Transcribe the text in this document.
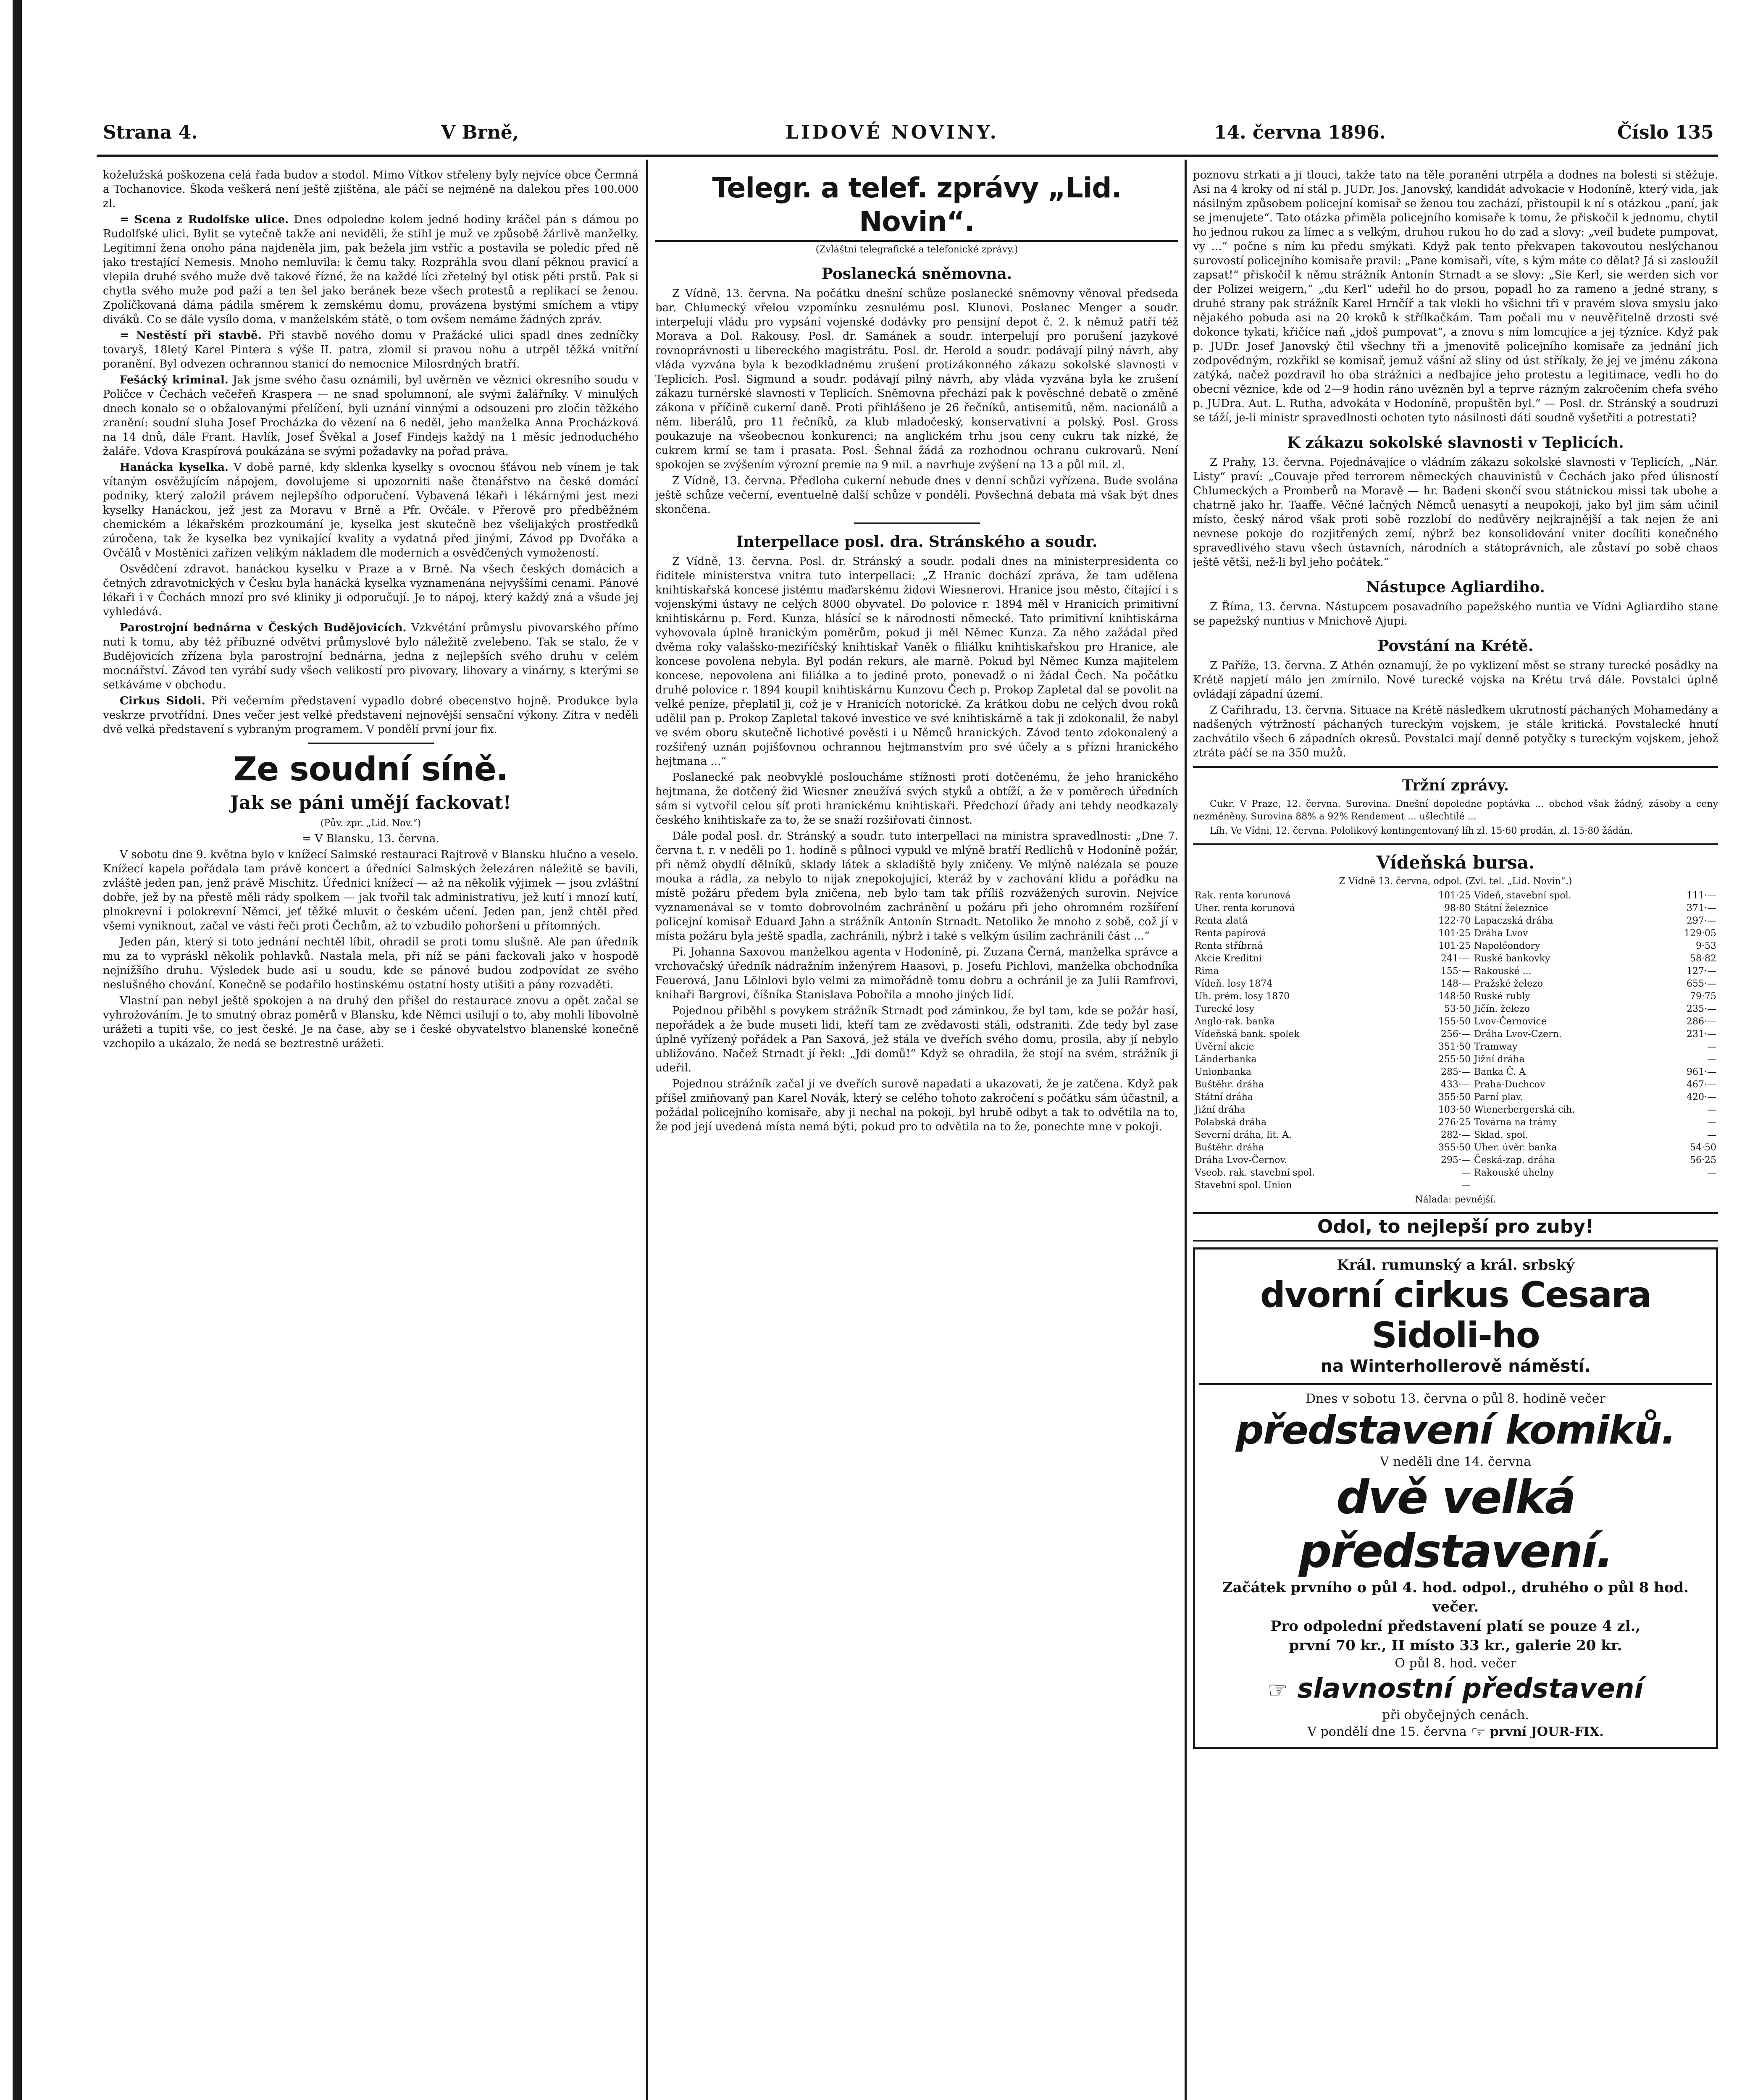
Strana 4.	V Brně,	LIDOVÉ NOVINY.	14. června 1896.	Číslo 135

koželužská poškozena celá řada budov a stodol. Mimo Vítkov střeleny byly nejvíce obce Čermná a Tochanovice. Škoda veškerá není ještě zjištěna, ale páčí se nejméně na dalekou přes 100.000 zl.

= Scena z Rudolfske ulice. Dnes odpoledne kolem jedné hodiny kráčel pán s dámou po Rudolfské ulici. Bylit se vytečně takže ani neviděli, že stihl je muž ve způsobě žárlivě manželky. Legitimní žena onoho pána najdeněla jim, pak bežela jim vstříc a postavila se poledíc před ně jako trestající Nemesis. Mnoho nemluvila: k čemu taky. Rozpráhla svou dlaní pěknou pravicí a vlepila druhé svého muže dvě takové řízné, že na každé líci zřetelný byl otisk pěti prstů. Pak si chytla svého muže pod paží a ten šel jako beránek beze všech protestů a replikací se ženou. Zpolíčkovaná dáma pádila směrem k zemskému domu, provázena bystými smíchem a vtipy diváků. Co se dále vysílo doma, v manželském státě, o tom ovšem nemáme žádných zpráv.

= Nestěstí při stavbě. Při stavbě nového domu v Pražácké ulici spadl dnes zedníčky tovaryš, 18letý Karel Pintera s výše II. patra, zlomil si pravou nohu a utrpěl těžká vnitřní poranění. Byl odvezen ochrannou stanicí do nemocnice Milosrdných bratří.

Fešácký kriminal. Jak jsme svého času oznámili, byl uvěrněn ve věznici okresního soudu v Poličce v Čechách večeřeň Kraspera — ne snad spolumnoní, ale svými žalářníky. V minulých dnech konalo se o obžalovanými přelíčení, byli uznání vinnými a odsouzeni pro zločin těžkého zranění: soudní sluha Josef Procházka do vězení na 6 neděl, jeho manželka Anna Procházková na 14 dnů, dále Frant. Havlík, Josef Švěkal a Josef Findejs každý na 1 měsíc jednoduchého žaláře. Vdova Kraspírová poukázána se svými požadavky na pořad práva.

Hanácka kyselka. V době parné, kdy sklenka kyselky s ovocnou šťávou neb vínem je tak vítaným osvěžujícím nápojem, dovolujeme si upozorniti naše čtenářstvo na české domácí podniky, který založil právem nejlepšího odporučení. Vybavená lékaři i lékárnými jest mezi kyselky Hanáckou, jež jest za Moravu v Brně a Pfr. Ovčále. v Přerově pro předběžném chemickém a lékařském prozkoumání je, kyselka jest skutečně bez všelijakých prostředků zúročena, tak že kyselka bez vynikající kvality a vydatná před jinými, Závod pp Dvořáka a Ovčálů v Mostěnici zařízen velikým nákladem dle moderních a osvědčených vymožeností.

Osvědčení zdravot. hanáckou kyselku v Praze a v Brně. Na všech českých domácích a četných zdravotnických v Česku byla hanácká kyselka vyznamenána nejvyššími cenami. Pánové lékaři i v Čechách mnozí pro své kliniky ji odporučují. Je to nápoj, který každý zná a všude jej vyhledává.

Parostrojní bednárna v Českých Budějovicích. Vzkvétání průmyslu pivovarského přímo nutí k tomu, aby též příbuzné odvětví průmyslové bylo náležitě zvelebeno. Tak se stalo, že v Budějovicích zřízena byla parostrojní bednárna, jedna z nejlepších svého druhu v celém mocnářství. Závod ten vyrábí sudy všech velikostí pro pivovary, lihovary a vinárny, s kterými se setkáváme v obchodu.

Cirkus Sidoli. Při večerním představení vypadlo dobré obecenstvo hojně. Produkce byla veskrze prvotřídní. Dnes večer jest velké představení nejnovější sensační výkony. Zítra v neděli dvě velká představení s vybraným programem. V pondělí první jour fix.

Ze soudní síně.
Jak se páni umějí fackovat!

(Pův. zpr. „Lid. Nov.“)

= V Blansku, 13. června.

V sobotu dne 9. května bylo v knížecí Salmské restauraci Rajtrově v Blansku hlučno a veselo. Knížecí kapela pořádala tam právě koncert a úředníci Salmských železáren náležitě se bavili, zvláště jeden pan, jenž právě Mischitz. Úředníci knížecí — až na několik výjimek — jsou zvláštní dobře, jež by na přestě měli rády spolkem — jak tvořil tak administrativu, jež kutí i mnozí kutí, plnokrevní i polokrevní Němci, jeť těžké mluvit o českém učení. Jeden pan, jenž chtěl před všemi vyniknout, začal ve vásti řeči proti Čechům, až to vzbudilo pohoršení u přítomných.

Jeden pán, který si toto jednání nechtěl líbit, ohradil se proti tomu slušně. Ale pan úředník mu za to vypráskl několik pohlavků. Nastala mela, při níž se páni fackovali jako v hospodě nejnižšího druhu. Výsledek bude asi u soudu, kde se pánové budou zodpovídat ze svého neslušného chování. Konečně se podařilo hostinskému ostatní hosty utišiti a pány rozvaděti.

Vlastní pan nebyl ještě spokojen a na druhý den přišel do restaurace znovu a opět začal se vyhrožováním. Je to smutný obraz poměrů v Blansku, kde Němci usilují o to, aby mohli libovolně urážeti a tupiti vše, co jest české. Je na čase, aby se i české obyvatelstvo blanenské konečně vzchopilo a ukázalo, že nedá se beztrestně urážeti.

Telegr. a telef. zprávy „Lid. Novin“.

(Zvláštní telegrafické a telefonické zprávy.)

Poslanecká sněmovna.

Z Vídně, 13. června. Na počátku dnešní schůze poslanecké sněmovny věnoval předseda bar. Chlumecký vřelou vzpomínku zesnulému posl. Klunovi. Poslanec Menger a soudr. interpelují vládu pro vypsání vojenské dodávky pro pensijní depot č. 2. k němuž patří též Morava a Dol. Rakousy. Posl. dr. Samánek a soudr. interpelují pro porušení jazykové rovnoprávnosti u libereckého magistrátu. Posl. dr. Herold a soudr. podávají pilný návrh, aby vláda vyzvána byla k bezodkladnému zrušení protizákonného zákazu sokolské slavnosti v Teplicích. Posl. Sigmund a soudr. podávají pilný návrh, aby vláda vyzvána byla ke zrušení zákazu turnérské slavnosti v Teplicích. Sněmovna přechází pak k pověschné debatě o změně zákona v příčině cukerní daně. Proti přihlášeno je 26 řečníků, antisemitů, něm. nacionálů a něm. liberálů, pro 11 řečníků, za klub mladočeský, konservativní a polský. Posl. Gross poukazuje na všeobecnou konkurenci; na anglickém trhu jsou ceny cukru tak nízké, že cukrem krmí se tam i prasata. Posl. Šehnal žádá za rozhodnou ochranu cukrovarů. Není spokojen se zvýšením výrozní premie na 9 mil. a navrhuje zvýšení na 13 a půl mil. zl.

Z Vídně, 13. června. Předloha cukerní nebude dnes v denní schůzi vyřízena. Bude svolána ještě schůze večerní, eventuelně další schůze v pondělí. Povšechná debata má však být dnes skončena.

Interpellace posl. dra. Stránského a soudr.

Z Vídně, 13. června. Posl. dr. Stránský a soudr. podali dnes na ministerpresidenta co řiditele ministerstva vnitra tuto interpellaci: „Z Hranic dochází zpráva, že tam udělena knihtiskařská koncese jistému maďarskému židovi Wiesnerovi. Hranice jsou město, čítající i s vojenskými ústavy ne celých 8000 obyvatel. Do polovice r. 1894 měl v Hranicích primitivní knihtiskárnu p. Ferd. Kunza, hlásící se k národnosti německé. Tato primitivní knihtiskárna vyhovovala úplně hranickým poměrům, pokud ji měl Němec Kunza. Za něho zažádal před dvěma roky valašsko-meziříčský knihtiskař Vaněk o filiálku knihtiskařskou pro Hranice, ale koncese povolena nebyla. Byl podán rekurs, ale marně. Pokud byl Němec Kunza majitelem koncese, nepovolena ani filiálka a to jediné proto, ponevadž o ni žádal Čech. Na počátku druhé polovice r. 1894 koupil knihtiskárnu Kunzovu Čech p. Prokop Zapletal dal se povolit na velké peníze, přeplatil ji, což je v Hranicích notorické. Za krátkou dobu ne celých dvou roků udělil pan p. Prokop Zapletal takové investice ve své knihtiskárně a tak ji zdokonalil, že nabyl ve svém oboru skutečně lichotivé pověsti i u Němců hranických. Závod tento zdokonalený a rozšířený uznán pojišťovnou ochrannou hejtmanstvím pro své účely a s přízni hranického hejtmana ...“

Poslanecké pak neobvyklé posloucháme stížnosti proti dotčenému, že jeho hranického hejtmana, že dotčený žid Wiesner zneužívá svých styků a obtíží, a že v poměrech úředních sám si vytvořil celou síť proti hranickému knihtiskaři. Předchozí úřady ani tehdy neodkazaly českého knihtiskaře za to, že se snaží rozšiřovati činnost.

Dále podal posl. dr. Stránský a soudr. tuto interpellaci na ministra spravedlnosti: „Dne 7. června t. r. v neděli po 1. hodině s půlnoci vypukl ve mlýně bratří Redlichů v Hodoníně požár, při němž obydlí dělníků, sklady látek a skladiště byly zničeny. Ve mlýně nalézala se pouze mouka a rádla, za nebylo to nijak znepokojující, kteráž by v zachování klidu a pořádku na místě požáru předem byla zničena, neb bylo tam tak příliš rozvážených surovin. Nejvíce vyznamenával se v tomto dobrovolném zachránění u požáru při jeho ohromném rozšíření policejní komisař Eduard Jahn a strážník Antonín Strnadt. Netoliko že mnoho z sobě, což jí v místa požáru byla ještě spadla, zachránili, nýbrž i také s velkým úsilím zachránili část ...“

Pí. Johanna Saxovou manželkou agenta v Hodoníně, pí. Zuzana Černá, manželka správce a vrchovačský úředník nádražním inženýrem Haasovi, p. Josefu Pichlovi, manželka obchodníka Feuerová, Janu Lölnlovi bylo velmi za mimořádně tomu dobru a ochránil je za Julii Ramfrovi, knihaři Bargrovi, číšníka Stanislava Pobořila a mnoho jiných lidí.

Pojednou přiběhl s povykem strážník Strnadt pod záminkou, že byl tam, kde se požár hasí, nepořádek a že bude museti lidi, kteří tam ze zvědavosti stáli, odstraniti. Zde tedy byl zase úplně vyřízený pořádek a Pan Saxová, jež stála ve dveřích svého domu, prosila, aby jí nebylo ubližováno. Načež Strnadt jí řekl: „Jdi domů!“ Když se ohradila, že stojí na svém, strážník ji udeřil.

Pojednou strážník začal ji ve dveřích surově napadati a ukazovati, že je zatčena. Když pak přišel zmiňovaný pan Karel Novák, který se celého tohoto zakročení s počátku sám účastnil, a požádal policejního komisaře, aby ji nechal na pokoji, byl hrubě odbyt a tak to odvětila na to, že pod její uvedená místa nemá býti, pokud pro to odvětila na to že, ponechte mne v pokoji.

poznovu strkati a ji tlouci, takže tato na těle poraněni utrpěla a dodnes na bolesti si stěžuje. Asi na 4 kroky od ní stál p. JUDr. Jos. Janovský, kandidát advokacie v Hodoníně, který vida, jak násilným způsobem policejní komisař se ženou tou zachází, přistoupil k ní s otázkou „paní, jak se jmenujete“. Tato otázka přiměla policejního komisaře k tomu, že přiskočil k jednomu, chytil ho jednou rukou za límec a s velkým, druhou rukou ho do zad a slovy: „veil budete pumpovat, vy ...“ počne s ním ku předu smýkati. Když pak tento překvapen takovoutou neslýchanou surovostí policejního komisaře pravil: „Pane komisaři, víte, s kým máte co dělat? Já si zasloužil zapsat!“ přiskočil k němu strážník Antonín Strnadt a se slovy: „Sie Kerl, sie werden sich vor der Polizei weigern,“ „du Kerl“ udeřil ho do prsou, popadl ho za rameno a jedné strany, s druhé strany pak strážník Karel Hrnčíř a tak vlekli ho všichni tři v pravém slova smyslu jako nějakého pobuda asi na 20 kroků k střílkačkám. Tam počali mu v neuvěřitelně drzosti své dokonce tykati, křičíce naň „jdoš pumpovat“, a znovu s ním lomcujíce a jej týzníce. Když pak p. JUDr. Josef Janovský čtil všechny tři a jmenovitě policejního komisaře za jednání jich zodpovědným, rozkřikl se komisař, jemuž vášní až sliny od úst stříkaly, že jej ve jménu zákona zatýká, načež pozdravil ho oba strážníci a nedbajíce jeho protestu a legitimace, vedli ho do obecní věznice, kde od 2—9 hodin ráno uvězněn byl a teprve rázným zakročením chefa svého p. JUDra. Aut. L. Rutha, advokáta v Hodoníně, propuštěn byl.“ — Posl. dr. Stránský a soudruzi se táží, je-li ministr spravedlnosti ochoten tyto násilnosti dáti soudně vyšetřiti a potrestati?

K zákazu sokolské slavnosti v Teplicích.

Z Prahy, 13. června. Pojednávajíce o vládním zákazu sokolské slavnosti v Teplicích, „Nár. Listy“ praví: „Couvaje před terrorem německých chauvinistů v Čechách jako před úlisností Chlumeckých a Promberů na Moravě — hr. Badeni skončí svou státnickou missi tak ubohe a chatrně jako hr. Taaffe. Věčné lačných Němců uenasytí a neupokojí, jako byl jim sám učinil místo, český národ však proti sobě rozzlobí do nedůvěry nejkrajnější a tak nejen že ani nevnese pokoje do rozjitřených zemí, nýbrž bez konsolidování vniter docíliti konečného spravedlivého stavu všech ústavních, národních a státoprávních, ale zůstaví po sobě chaos ještě větší, než-li byl jeho počátek.“

Nástupce Agliardiho.

Z Říma, 13. června. Nástupcem posavadního papežského nuntia ve Vídni Agliardiho stane se papežský nuntius v Mnichově Ajupi.

Povstání na Krétě.

Z Paříže, 13. června. Z Athén oznamují, že po vyklizení měst se strany turecké posádky na Krétě napjetí málo jen zmírnilo. Nové turecké vojska na Krétu trvá dále. Povstalci úplně ovládají západní území.

Z Cařihradu, 13. června. Situace na Krétě následkem ukrutností páchaných Mohamedány a nadšených výtržností páchaných tureckým vojskem, je stále kritická. Povstalecké hnutí zachvátilo všech 6 západních okresů. Povstalci mají denně potyčky s tureckým vojskem, jehož ztráta páčí se na 350 mužů.

Tržní zprávy.

Cukr. V Praze, 12. června. Surovina. Dnešní dopoledne poptávka ... obchod však žádný, zásoby a ceny nezměněny. Surovina 88% a 92% Rendement ... ušlechtilé ...

Líh. Ve Vídni, 12. června. Pololikový kontingentovaný líh zl. 15·60 prodán, zl. 15·80 žádán.

Vídeňská bursa.

Z Vídně 13. června, odpol. (Zvl. tel. „Lid. Novin“.)

Rak. renta korunová	101·25	Vídeň, stavební spol.	111·—
Uher. renta korunová	98·80	Státní železnice	371·—
Renta zlatá	122·70	Lapaczská dráha	297·—
Renta papírová	101·25	Dráha Lvov	129·05
Renta stříbrná	101·25	Napoléondory	9·53
Akcie Kreditní	241·—	Ruské bankovky	58·82
Rima	155·—	Rakouské ...	127·—
Vídeň. losy 1874	148·—	Pražské železo	655·—
Uh. prém. losy 1870	148·50	Ruské rubly	79·75
Turecké losy	53·50	Jičín. železo	235·—
Anglo-rak. banka	155·50	Lvov-Černovice	286·—
Vídeňská bank. spolek	256·—	Dráha Lvov-Czern.	231·—
Úvěrní akcie	351·50	Tramway	—
Länderbanka	255·50	Jižní dráha	—
Unionbanka	285·—	Banka Č. A	961·—
Buštěhr. dráha	433·—	Praha-Duchcov	467·—
Státní dráha	355·50	Parní plav.	420·—
Jižní dráha	103·50	Wienerbergerská cih.	—
Polabská dráha	276·25	Továrna na trámy	—
Severní dráha, lit. A.	282·—	Sklad. spol.	—
Buštěhr. dráha	355·50	Uher. úvěr. banka	54·50
Dráha Lvov-Černov.	295·—	Česká-zap. dráha	56·25
Vseob. rak. stavební spol.	—	Rakouské uhelny	—
Stavební spol. Union	—		

Nálada: pevnější.

Odol, to nejlepší pro zuby!
Král. rumunský a král. srbský
dvorní cirkus Cesara Sidoli-ho
na Winterhollerově náměstí.
Dnes v sobotu 13. června o půl 8. hodině večer
představení komiků.
V neděli dne 14. června
dvě velká představení.
Začátek prvního o půl 4. hod. odpol., druhého o půl 8 hod. večer.
Pro odpolední představení platí se pouze 4 zl.,
první 70 kr., II místo 33 kr., galerie 20 kr.
O půl 8. hod. večer
☞ slavnostní představení
při obyčejných cenách.
V pondělí dne 15. června ☞ první JOUR-FIX.
